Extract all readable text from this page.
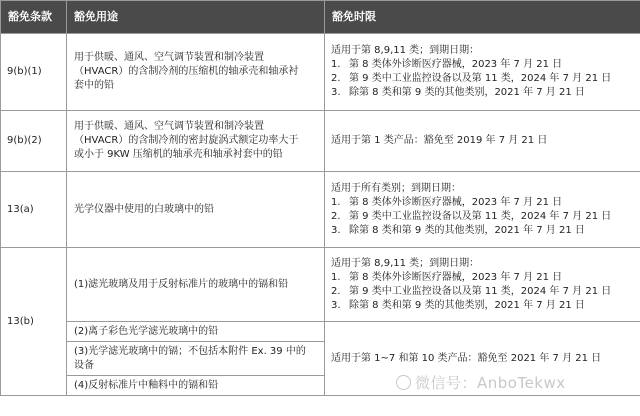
豁免条款	豁免用途	豁免时限
9(b)(1)	用于供暖、通风、空气调节装置和制冷装置
（HVACR）的含制冷剂的压缩机的轴承壳和轴承衬
套中的铅	适用于第 8,9,11 类；到期日期：
1. 第 8 类体外诊断医疗器械，2023 年 7 月 21 日
2. 第 9 类中工业监控设备以及第 11 类，2024 年 7 月 21 日
3. 除第 8 类和第 9 类的其他类别，2021 年 7 月 21 日

9(b)(2)	用于供暖、通风、空气调节装置和制冷装置
（HVACR）的含制冷剂的密封旋涡式额定功率大于
或小于 9KW 压缩机的轴承壳和轴承衬套中的铅	适用于第 1 类产品：豁免至 2019 年 7 月 21 日
13(a)	光学仪器中使用的白玻璃中的铅	适用于所有类别；到期日期：
1. 第 8 类体外诊断医疗器械，2023 年 7 月 21 日
2. 第 9 类中工业监控设备以及第 11 类，2024 年 7 月 21 日
3. 除第 8 类和第 9 类的其他类别，2021 年 7 月 21 日

13(b)	(1)滤光玻璃及用于反射标准片的玻璃中的镉和铅	适用于第 8,9,11 类；到期日期：
1. 第 8 类体外诊断医疗器械，2023 年 7 月 21 日
2. 第 9 类中工业监控设备以及第 11 类，2024 年 7 月 21 日
3. 除第 8 类和第 9 类的其他类别，2021 年 7 月 21 日

	(2)离子彩色光学滤光玻璃中的铅	适用于第 1~7 和第 10 类产品：豁免至 2021 年 7 月 21 日

	(3)光学滤光玻璃中的镉；不包括本附件 Ex. 39 中的
设备	

	(4)反射标准片中釉料中的镉和铅		微信号：AnboTekwx
